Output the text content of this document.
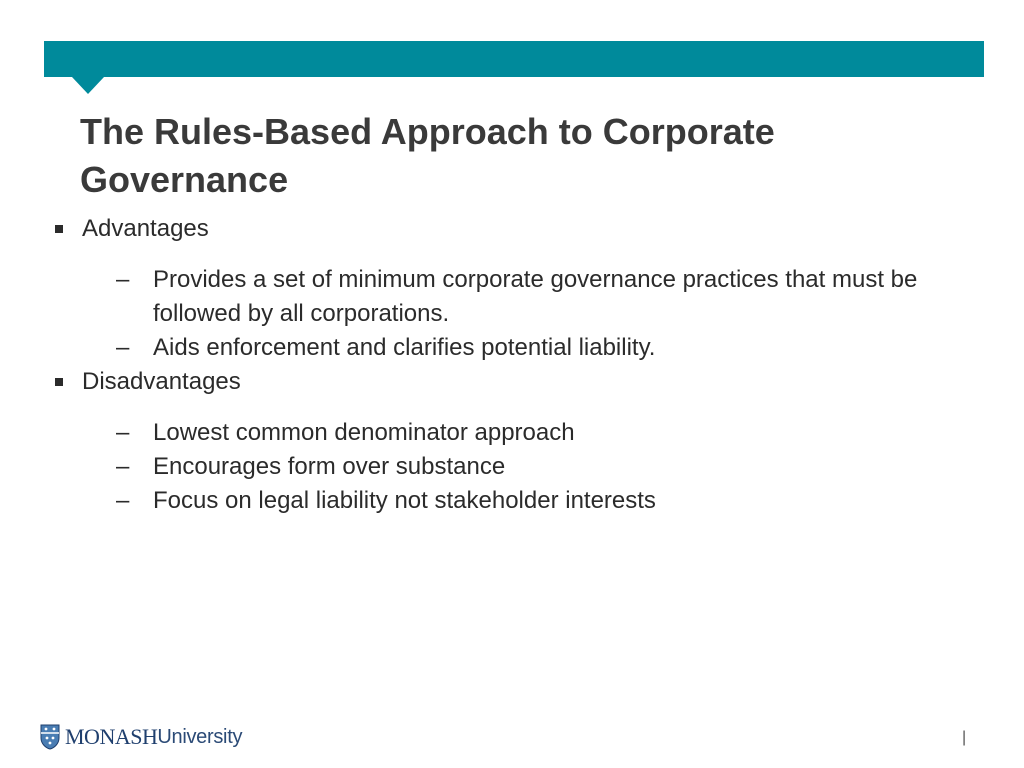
The Rules-Based Approach to Corporate Governance

Advantages

– Provides a set of minimum corporate governance practices that must be followed by all corporations.
– Aids enforcement and clarifies potential liability.

Disadvantages

– Lowest common denominator approach
– Encourages form over substance
– Focus on legal liability not stakeholder interests
MONASH University	|
